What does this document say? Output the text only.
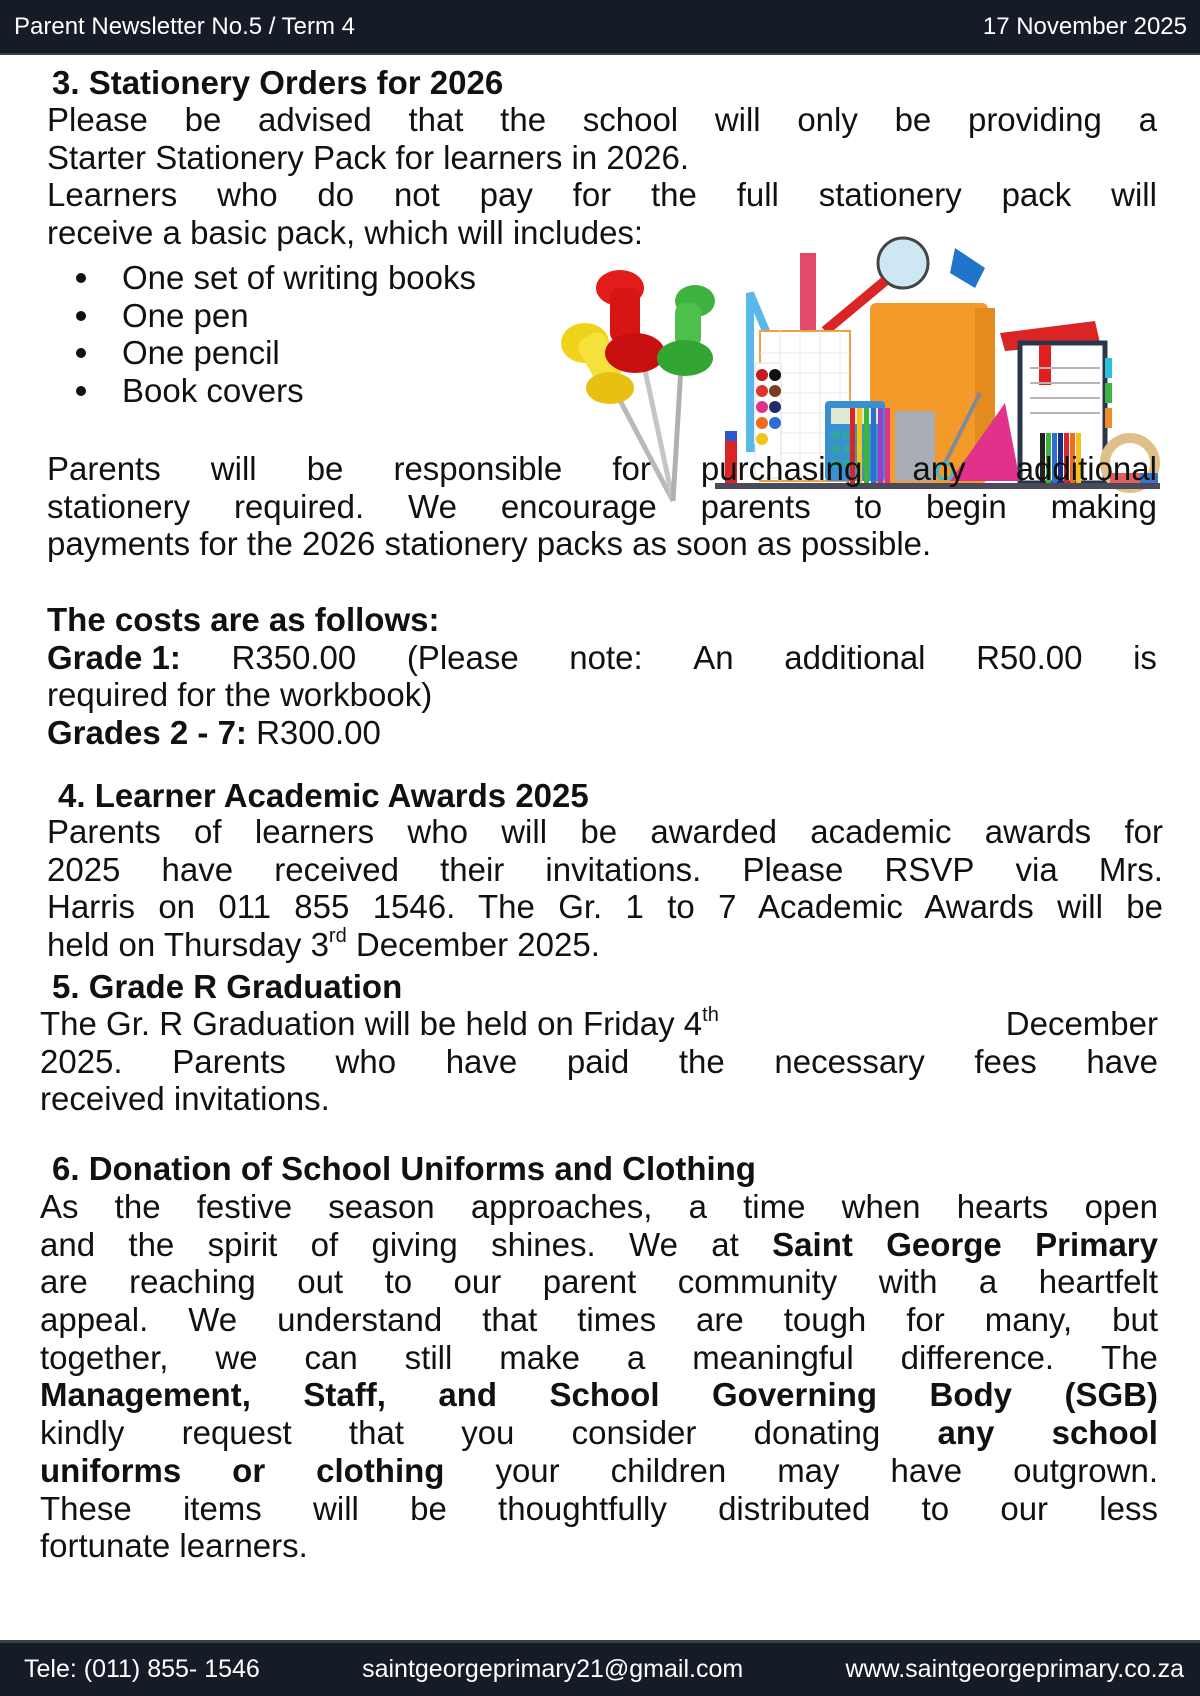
Parent Newsletter No.5 / Term 4	17 November 2025
3. Stationery Orders for 2026
Please be advised that the school will only be providing a
Starter Stationery Pack for learners in 2026.
Learners who do not pay for the full stationery pack will
receive a basic pack, which will includes:
One set of writing books
One pen
One pencil
Book covers
Parents will be responsible for purchasing any additional
stationery required. We encourage parents to begin making
payments for the 2026 stationery packs as soon as possible.
The costs are as follows:
Grade 1: R350.00 (Please note: An additional R50.00 is
required for the workbook)
Grades 2 - 7: R300.00
4. Learner Academic Awards 2025
Parents of learners who will be awarded academic awards for
2025 have received their invitations. Please RSVP via Mrs.
Harris on 011 855 1546. The Gr. 1 to 7 Academic Awards will be
held on Thursday 3rd December 2025.
5. Grade R Graduation
The Gr. R Graduation will be held on Friday 4th	December
2025. Parents who have paid the necessary fees have
received invitations.
6. Donation of School Uniforms and Clothing
As the festive season approaches, a time when hearts open
and the spirit of giving shines. We at Saint George Primary
are reaching out to our parent community with a heartfelt
appeal. We understand that times are tough for many, but
together, we can still make a meaningful difference. The
Management, Staff, and School Governing Body (SGB)
kindly request that you consider donating any school
uniforms or clothing your children may have outgrown.
These items will be thoughtfully distributed to our less
fortunate learners.
Tele: (011) 855- 1546	saintgeorgeprimary21@gmail.com	www.saintgeorgeprimary.co.za
